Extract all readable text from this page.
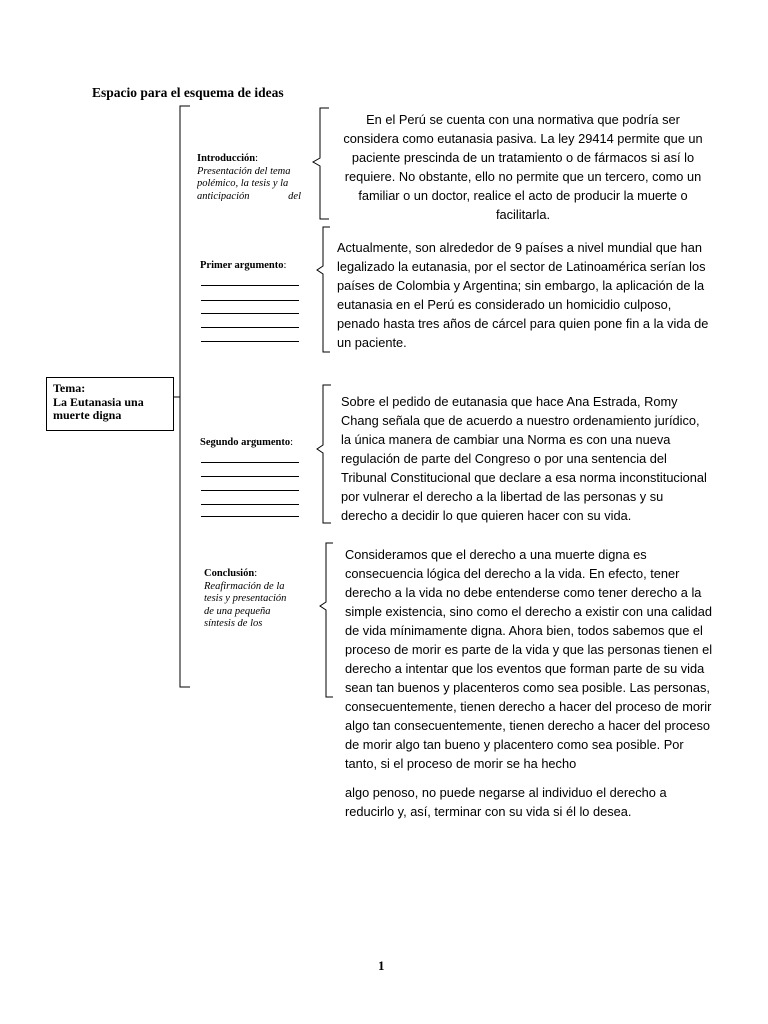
Espacio para el esquema de ideas
Tema:
La Eutanasia una muerte digna
Introducción:
Presentación del tema
polémico, la tesis y la
anticipación del
Primer argumento:
Segundo argumento:
Conclusión:
Reafirmación de la
tesis y presentación
de una pequeña
síntesis de los
En el Perú se cuenta con una normativa que podría ser considera como eutanasia pasiva. La ley 29414 permite que un paciente prescinda de un tratamiento o de fármacos si así lo requiere. No obstante, ello no permite que un tercero, como un familiar o un doctor, realice el acto de producir la muerte o facilitarla.
Actualmente, son alrededor de 9 países a nivel mundial que han legalizado la eutanasia, por el sector de Latinoamérica serían los países de Colombia y Argentina; sin embargo, la aplicación de la eutanasia en el Perú es considerado un homicidio culposo, penado hasta tres años de cárcel para quien pone fin a la vida de un paciente.
Sobre el pedido de eutanasia que hace Ana Estrada, Romy Chang señala que de acuerdo a nuestro ordenamiento jurídico, la única manera de cambiar una Norma es con una nueva regulación de parte del Congreso o por una sentencia del Tribunal Constitucional que declare a esa norma inconstitucional por vulnerar el derecho a la libertad de las personas y su derecho a decidir lo que quieren hacer con su vida.
Consideramos que el derecho a una muerte digna es consecuencia lógica del derecho a la vida. En efecto, tener derecho a la vida no debe entenderse como tener derecho a la simple existencia, sino como el derecho a existir con una calidad de vida mínimamente digna. Ahora bien, todos sabemos que el proceso de morir es parte de la vida y que las personas tienen el derecho a intentar que los eventos que forman parte de su vida sean tan buenos y placenteros como sea posible. Las personas, consecuentemente, tienen derecho a hacer del proceso de morir algo tan consecuentemente, tienen derecho a hacer del proceso de morir algo tan bueno y placentero como sea posible. Por tanto, si el proceso de morir se ha hecho
algo penoso, no puede negarse al individuo el derecho a reducirlo y, así, terminar con su vida si él lo desea.
1
